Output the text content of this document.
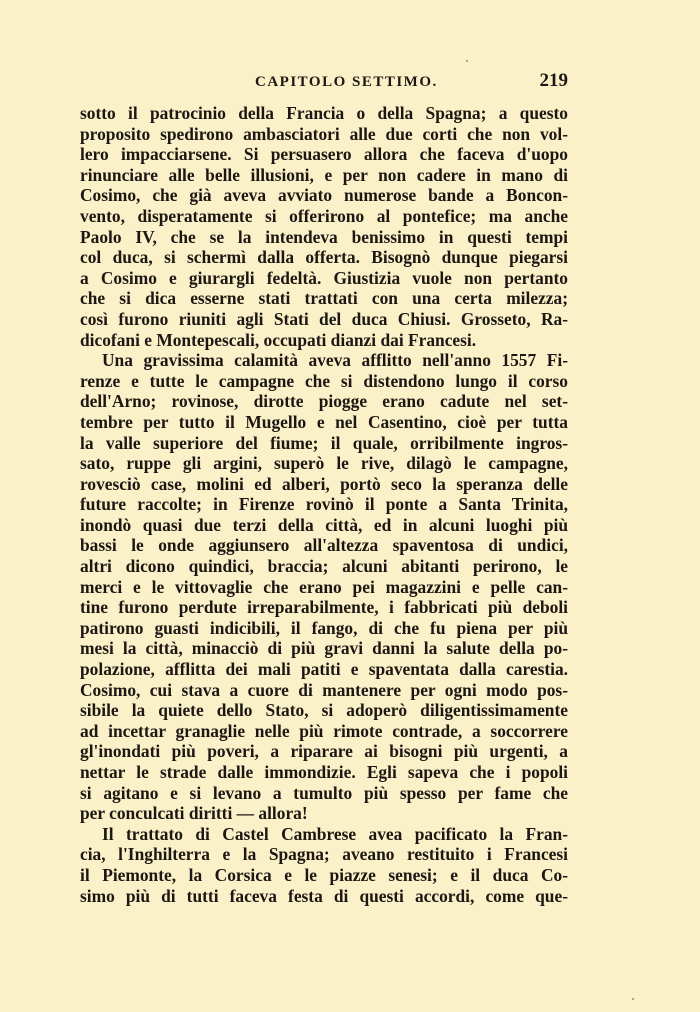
CAPITOLO SETTIMO.	219
sotto il patrocinio della Francia o della Spagna; a questo
proposito spedirono ambasciatori alle due corti che non vol-
lero impacciarsene. Si persuasero allora che faceva d'uopo
rinunciare alle belle illusioni, e per non cadere in mano di
Cosimo, che già aveva avviato numerose bande a Boncon-
vento, disperatamente si offerirono al pontefice; ma anche
Paolo IV, che se la intendeva benissimo in questi tempi
col duca, si schermì dalla offerta. Bisognò dunque piegarsi
a Cosimo e giurargli fedeltà. Giustizia vuole non pertanto
che si dica esserne stati trattati con una certa milezza;
così furono riuniti agli Stati del duca Chiusi. Grosseto, Ra-
dicofani e Montepescali, occupati dianzi dai Francesi.
Una gravissima calamità aveva afflitto nell'anno 1557 Fi-
renze e tutte le campagne che si distendono lungo il corso
dell'Arno; rovinose, dirotte piogge erano cadute nel set-
tembre per tutto il Mugello e nel Casentino, cioè per tutta
la valle superiore del fiume; il quale, orribilmente ingros-
sato, ruppe gli argini, superò le rive, dilagò le campagne,
rovesciò case, molini ed alberi, portò seco la speranza delle
future raccolte; in Firenze rovinò il ponte a Santa Trinita,
inondò quasi due terzi della città, ed in alcuni luoghi più
bassi le onde aggiunsero all'altezza spaventosa di undici,
altri dicono quindici, braccia; alcuni abitanti perirono, le
merci e le vittovaglie che erano pei magazzini e pelle can-
tine furono perdute irreparabilmente, i fabbricati più deboli
patirono guasti indicibili, il fango, di che fu piena per più
mesi la città, minacciò di più gravi danni la salute della po-
polazione, afflitta dei mali patiti e spaventata dalla carestia.
Cosimo, cui stava a cuore di mantenere per ogni modo pos-
sibile la quiete dello Stato, si adoperò diligentissimamente
ad incettar granaglie nelle più rimote contrade, a soccorrere
gl'inondati più poveri, a riparare ai bisogni più urgenti, a
nettar le strade dalle immondizie. Egli sapeva che i popoli
si agitano e si levano a tumulto più spesso per fame che
per conculcati diritti — allora!
Il trattato di Castel Cambrese avea pacificato la Fran-
cia, l'Inghilterra e la Spagna; aveano restituito i Francesi
il Piemonte, la Corsica e le piazze senesi; e il duca Co-
simo più di tutti faceva festa di questi accordi, come que-
